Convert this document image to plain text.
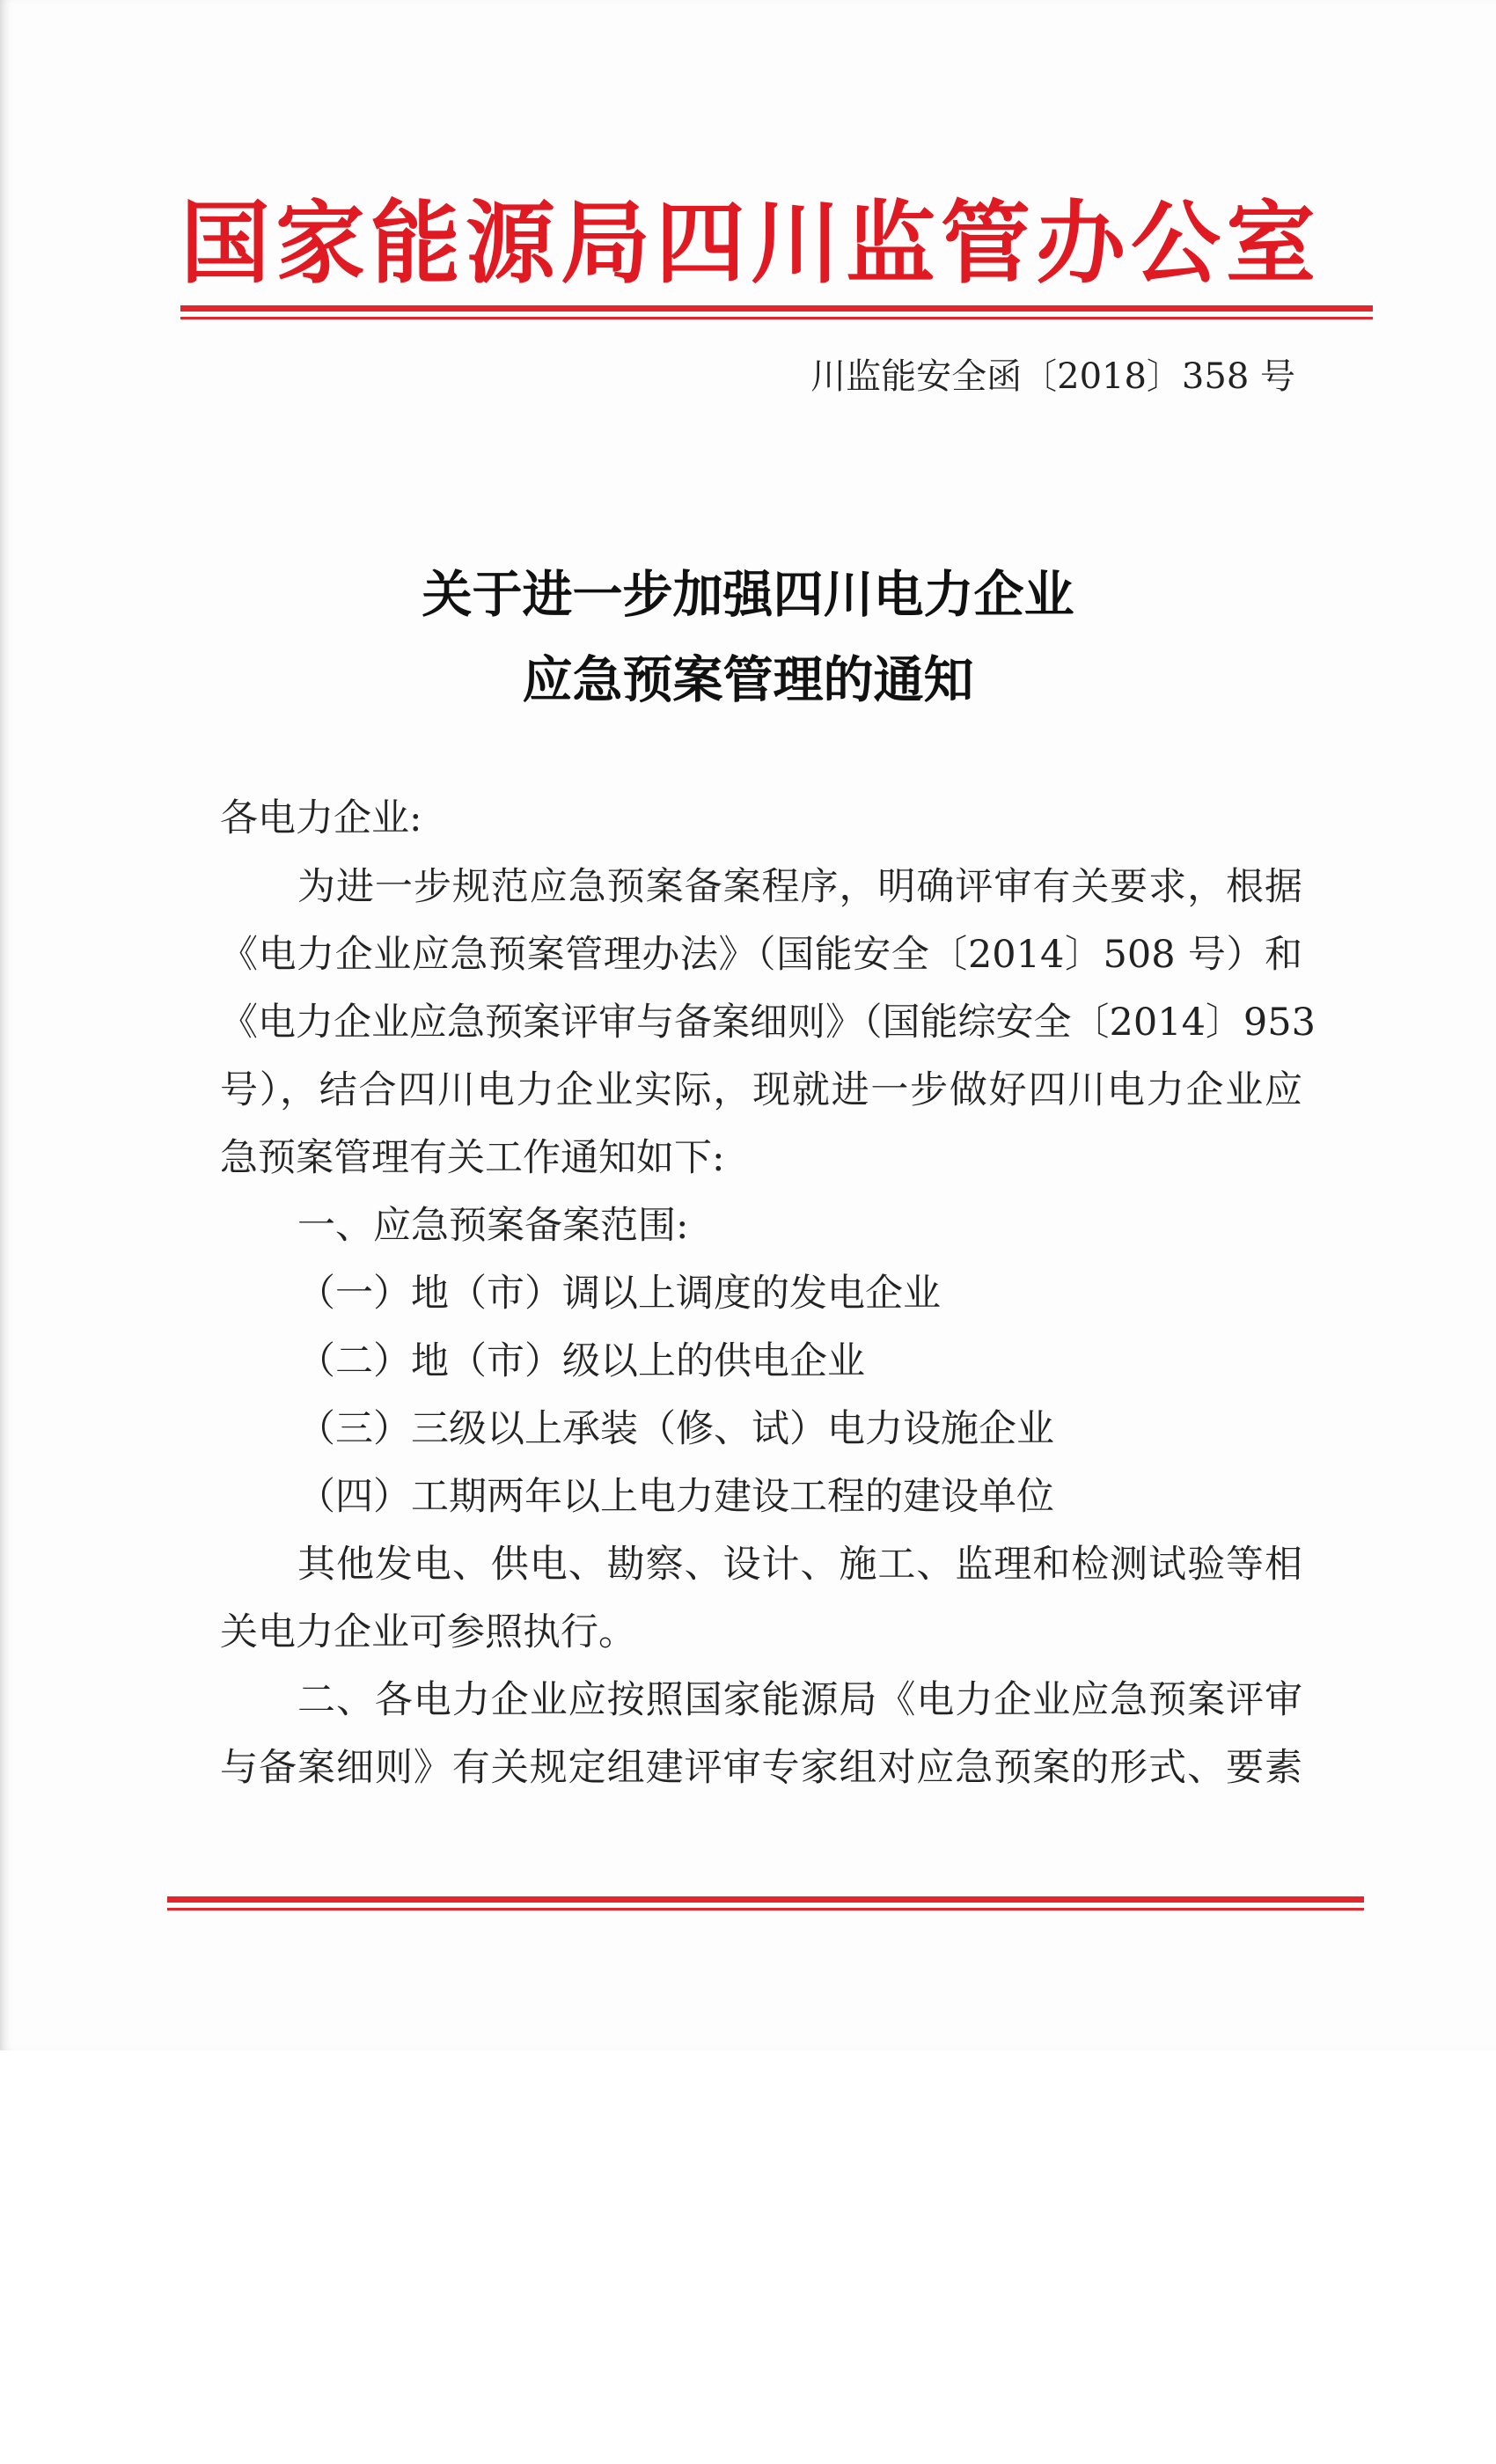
国家能源局四川监管办公室
川监能安全函〔2018〕358 号
关于进一步加强四川电力企业
应急预案管理的通知
各电力企业:
为进一步规范应急预案备案程序，明确评审有关要求，根据
《电力企业应急预案管理办法》（国能安全〔2014〕508 号）和
《电力企业应急预案评审与备案细则》（国能综安全〔2014〕953
号），结合四川电力企业实际，现就进一步做好四川电力企业应
急预案管理有关工作通知如下:
一、应急预案备案范围:
（一）地（市）调以上调度的发电企业
（二）地（市）级以上的供电企业
（三）三级以上承装（修、试）电力设施企业
（四）工期两年以上电力建设工程的建设单位
其他发电、供电、勘察、设计、施工、监理和检测试验等相
关电力企业可参照执行。
二、各电力企业应按照国家能源局《电力企业应急预案评审
与备案细则》有关规定组建评审专家组对应急预案的形式、要素
